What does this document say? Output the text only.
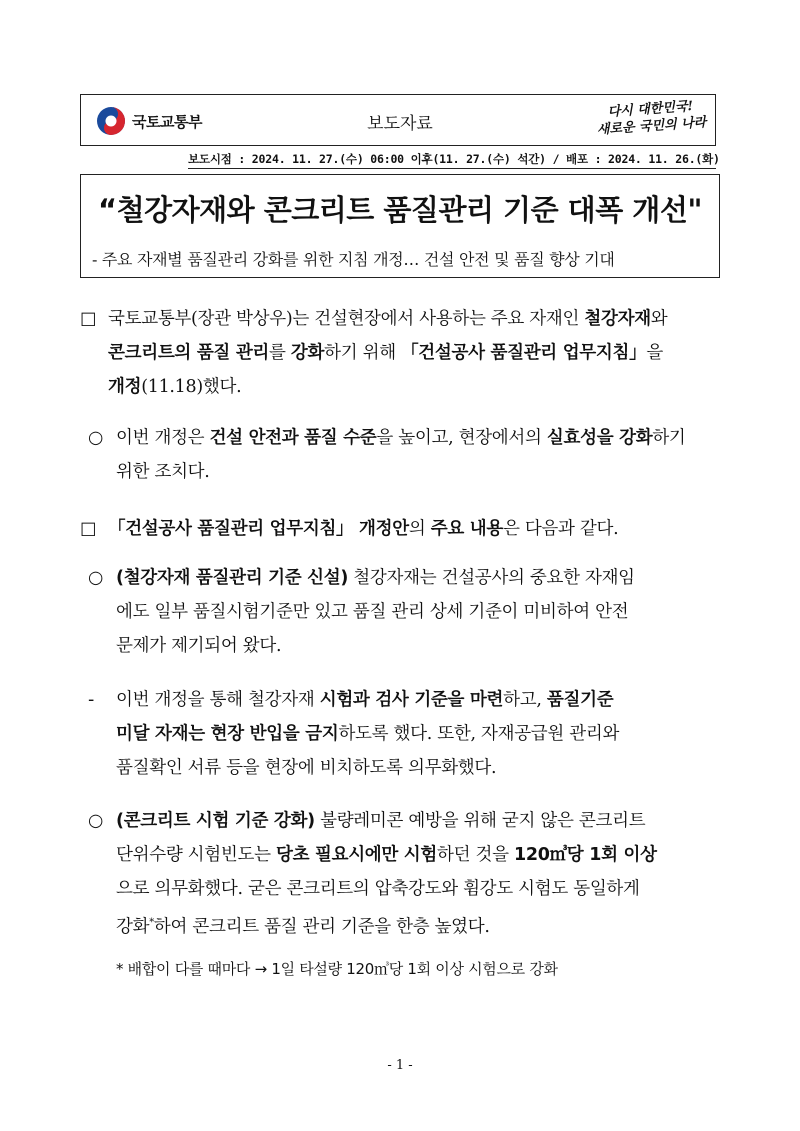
국토교통부	보도자료
다시 대한민국!
새로운 국민의 나라
보도시점 : 2024. 11. 27.(수) 06:00 이후(11. 27.(수) 석간) / 배포 : 2024. 11. 26.(화)
“철강자재와 콘크리트 품질관리 기준 대폭 개선"
- 주요 자재별 품질관리 강화를 위한 지침 개정… 건설 안전 및 품질 향상 기대
□ 국토교통부(장관 박상우)는 건설현장에서 사용하는 주요 자재인 철강자재와
콘크리트의 품질 관리를 강화하기 위해 「건설공사 품질관리 업무지침」을
개정(11.18)했다.
○ 이번 개정은 건설 안전과 품질 수준을 높이고, 현장에서의 실효성을 강화하기
위한 조치다.
□ 「건설공사 품질관리 업무지침」 개정안의 주요 내용은 다음과 같다.
○ (철강자재 품질관리 기준 신설) 철강자재는 건설공사의 중요한 자재임
에도 일부 품질시험기준만 있고 품질 관리 상세 기준이 미비하여 안전
문제가 제기되어 왔다.
- 이번 개정을 통해 철강자재 시험과 검사 기준을 마련하고, 품질기준
미달 자재는 현장 반입을 금지하도록 했다. 또한, 자재공급원 관리와
품질확인 서류 등을 현장에 비치하도록 의무화했다.
○ (콘크리트 시험 기준 강화) 불량레미콘 예방을 위해 굳지 않은 콘크리트
단위수량 시험빈도는 당초 필요시에만 시험하던 것을 120㎥당 1회 이상
으로 의무화했다. 굳은 콘크리트의 압축강도와 휨강도 시험도 동일하게
강화*하여 콘크리트 품질 관리 기준을 한층 높였다.
* 배합이 다를 때마다 → 1일 타설량 120㎥당 1회 이상 시험으로 강화
- 1 -
